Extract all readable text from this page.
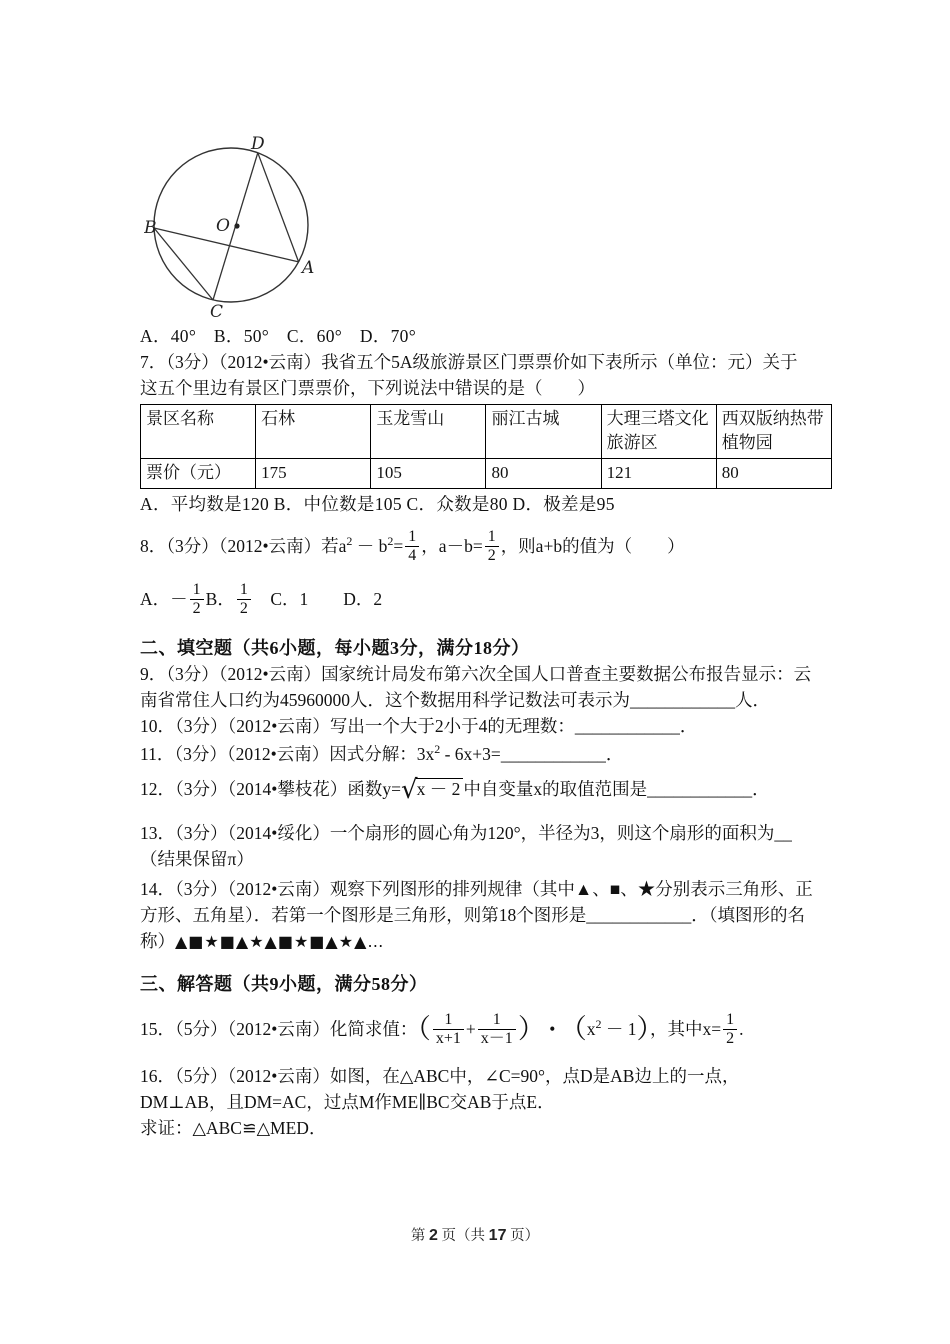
D
B
A
C
O
A．40°　B．50°　C．60°　D．70°
7．（3分）（2012•云南）我省五个5A级旅游景区门票票价如下表所示（单位：元）关于
这五个里边有景区门票票价，下列说法中错误的是（　　）
景区名称	石林	玉龙雪山	丽江古城	大理三塔文化旅游区	西双版纳热带植物园
票价（元）	175	105	80	121	80
A．平均数是120 B．中位数是105 C．众数是80 D．极差是95
8．（3分）（2012•云南）若$a^2 - b^2= \frac{1}{4}$ ，$a-b= \frac{1}{2}$ ，则a+b的值为（　　）
A．－ $\frac{1}{2}$ B． $\frac{1}{2}$ 　C．1　　D．2
二、填空题（共6小题，每小题3分，满分18分）
9．（3分）（2012•云南）国家统计局发布第六次全国人口普查主要数据公布报告显示：云
南省常住人口约为45960000人．这个数据用科学记数法可表示为____________人．
10．（3分）（2012•云南）写出一个大于2小于4的无理数：____________．
11．（3分）（2012•云南）因式分解：$3x^2$ - 6x+3=____________．
12．（3分）（2014•攀枝花）函数y=√x － 2 中自变量x的取值范围是____________．
13．（3分）（2014•绥化）一个扇形的圆心角为120°，半径为3，则这个扇形的面积为__
（结果保留π）
14．（3分）（2012•云南）观察下列图形的排列规律（其中▲、■、★分别表示三角形、正
方形、五角星）．若第一个图形是三角形，则第18个图形是____________．（填图形的名
称）▲■★■▲★▲■★■▲★▲…
三、解答题（共9小题，满分58分）
15．（5分）（2012•云南）化简求值：（ $\frac{1}{x+1} + \frac{1}{x-1}$ ） • $(x^2 - 1)$，其中$x= \frac{1}{2}$ .
16．（5分）（2012•云南）如图，在△ABC中，∠C=90°，点D是AB边上的一点，
DM⊥AB，且DM=AC，过点M作ME∥BC交AB于点E．
求证：△ABC≌△MED．
第 2 页（共 17 页）
